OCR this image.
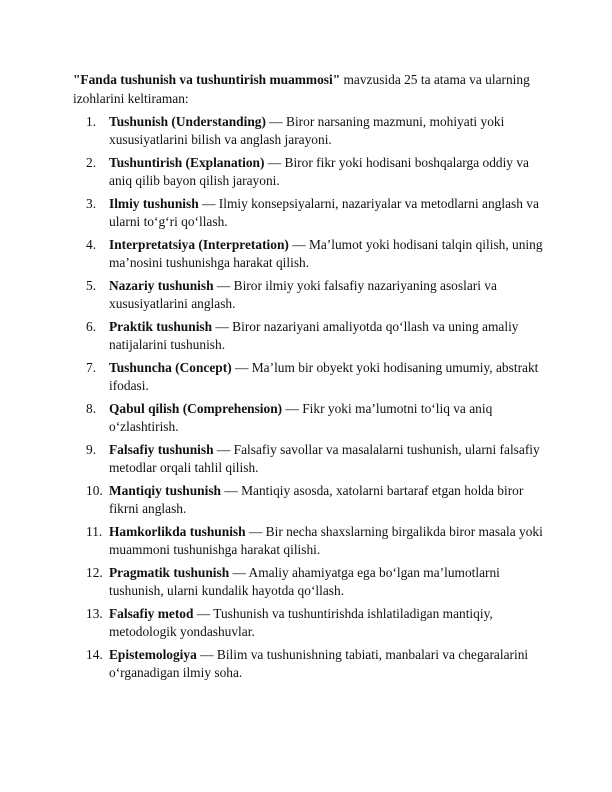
"Fanda tushunish va tushuntirish muammosi" mavzusida 25 ta atama va ularning izohlarini keltiraman:

1. Tushunish (Understanding) — Biror narsaning mazmuni, mohiyati yoki xususiyatlarini bilish va anglash jarayoni.
2. Tushuntirish (Explanation) — Biror fikr yoki hodisani boshqalarga oddiy va aniq qilib bayon qilish jarayoni.
3. Ilmiy tushunish — Ilmiy konsepsiyalarni, nazariyalar va metodlarni anglash va ularni to‘g‘ri qo‘llash.
4. Interpretatsiya (Interpretation) — Ma’lumot yoki hodisani talqin qilish, uning ma’nosini tushunishga harakat qilish.
5. Nazariy tushunish — Biror ilmiy yoki falsafiy nazariyaning asoslari va xususiyatlarini anglash.
6. Praktik tushunish — Biror nazariyani amaliyotda qo‘llash va uning amaliy natijalarini tushunish.
7. Tushuncha (Concept) — Ma’lum bir obyekt yoki hodisaning umumiy, abstrakt ifodasi.
8. Qabul qilish (Comprehension) — Fikr yoki ma’lumotni to‘liq va aniq o‘zlashtirish.
9. Falsafiy tushunish — Falsafiy savollar va masalalarni tushunish, ularni falsafiy metodlar orqali tahlil qilish.
10. Mantiqiy tushunish — Mantiqiy asosda, xatolarni bartaraf etgan holda biror fikrni anglash.
11. Hamkorlikda tushunish — Bir necha shaxslarning birgalikda biror masala yoki muammoni tushunishga harakat qilishi.
12. Pragmatik tushunish — Amaliy ahamiyatga ega bo‘lgan ma’lumotlarni tushunish, ularni kundalik hayotda qo‘llash.
13. Falsafiy metod — Tushunish va tushuntirishda ishlatiladigan mantiqiy, metodologik yondashuvlar.
14. Epistemologiya — Bilim va tushunishning tabiati, manbalari va chegaralarini o‘rganadigan ilmiy soha.
